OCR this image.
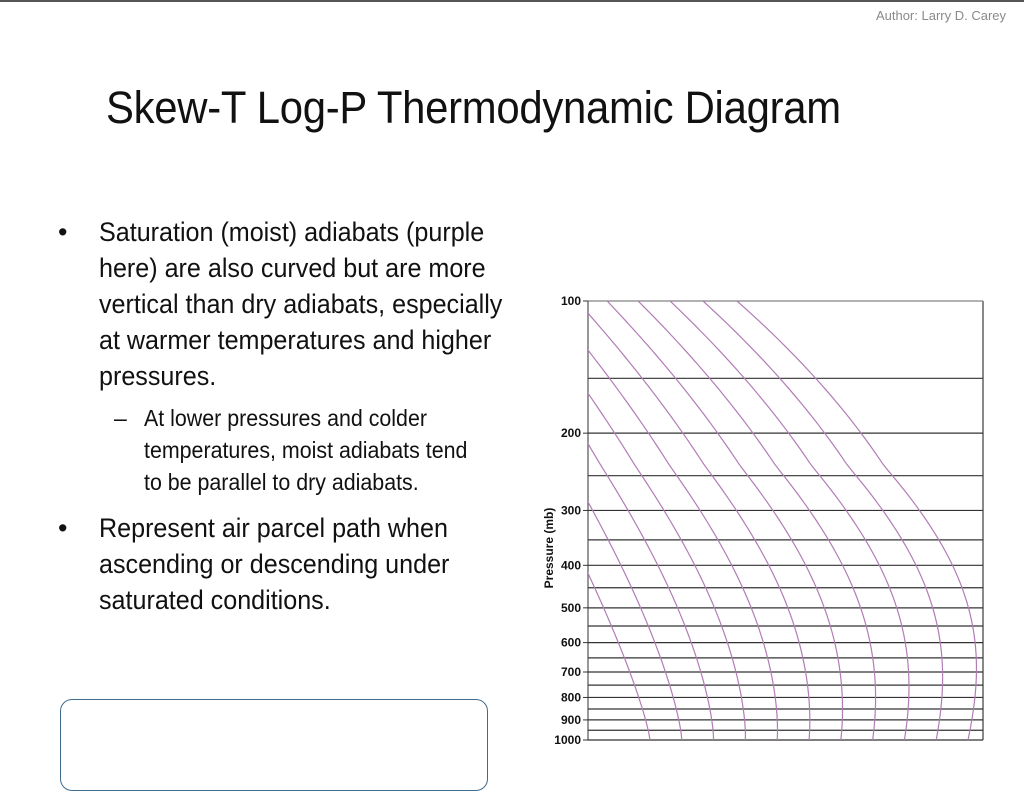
Author: Larry D. Carey
Skew-T Log-P Thermodynamic Diagram
• Saturation (moist) adiabats (purple here) are also curved but are more vertical than dry adiabats, especially at warmer temperatures and higher pressures.
– At lower pressures and colder temperatures, moist adiabats tend to be parallel to dry adiabats.
• Represent air parcel path when ascending or descending under saturated conditions.
100
200
300
400
500
600
700
800
900
1000
Pressure (mb)
